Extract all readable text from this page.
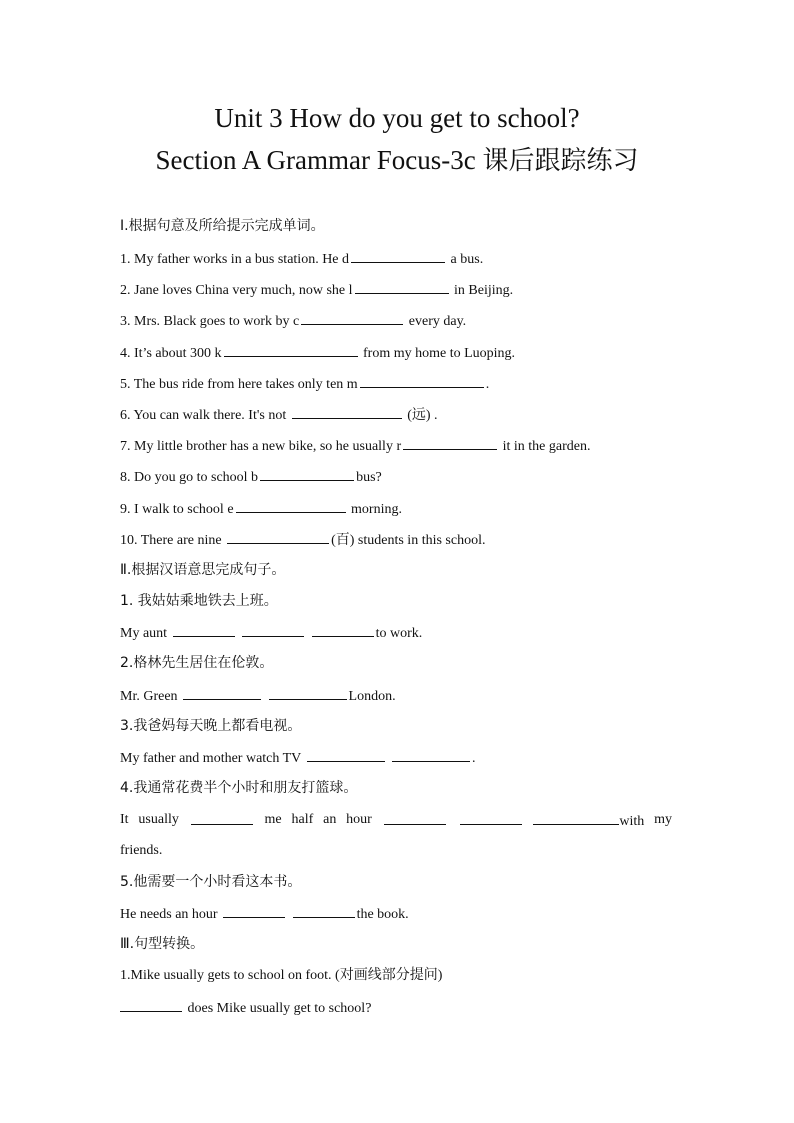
Unit 3 How do you get to school?
Section A Grammar Focus-3c 课后跟踪练习
Ⅰ.根据句意及所给提示完成单词。
1. My father works in a bus station. He d	a bus.
2. Jane loves China very much, now she l	in Beijing.
3. Mrs. Black goes to work by c	every day.
4. It’s about 300 k	from my home to Luoping.
5. The bus ride from here takes only ten m	.
6. You can walk there. It's not	(远) .
7. My little brother has a new bike, so he usually r	it in the garden.
8. Do you go to school b	bus?
9. I walk to school e	morning.
10. There are nine	(百) students in this school.
Ⅱ.根据汉语意思完成句子。
1. 我姑姑乘地铁去上班。
My aunt	to work.
2.格林先生居住在伦敦。
Mr. Green	London.
3.我爸妈每天晚上都看电视。
My father and mother watch TV	.
4.我通常花费半个小时和朋友打篮球。
It usually	me half an hour	with my
friends.
5.他需要一个小时看这本书。
He needs an hour	the book.
Ⅲ.句型转换。
1.Mike usually gets to school on foot. (对画线部分提问)
does Mike usually get to school?
